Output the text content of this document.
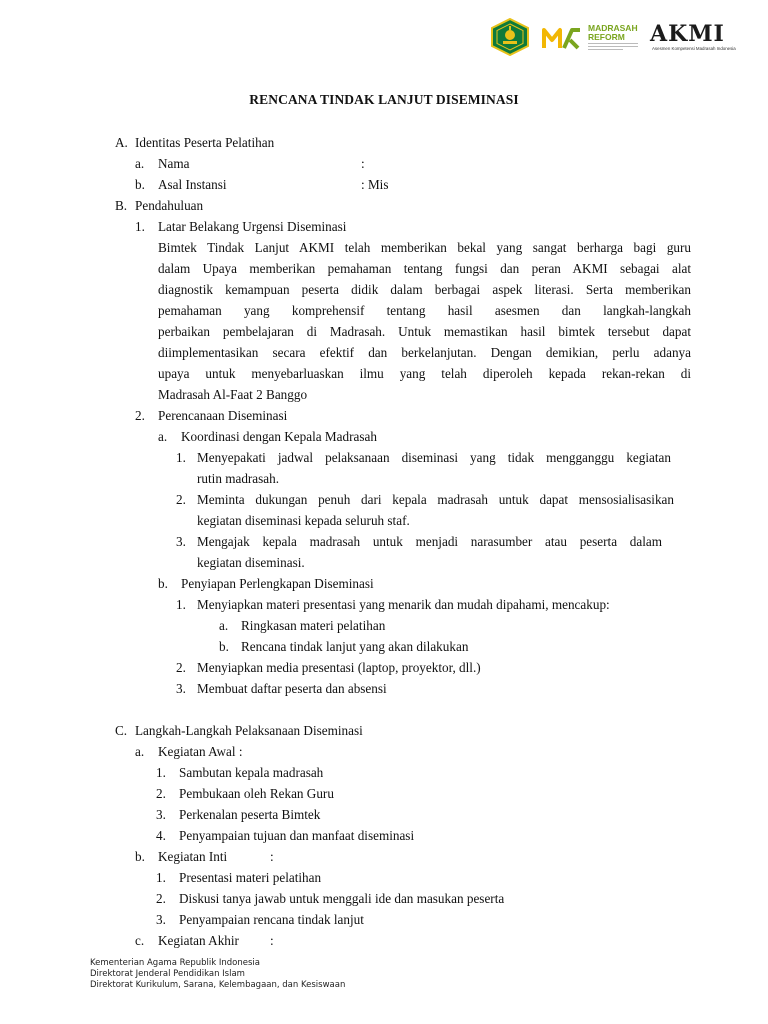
MADRASAH
REFORM	AKMI
Asesmen Kompetensi Madrasah Indonesia
RENCANA TINDAK LANJUT DISEMINASI
A. Identitas Peserta Pelatihan
a. Nama	:
b. Asal Instansi	: Mis
B. Pendahuluan
1. Latar Belakang Urgensi Diseminasi
Bimtek Tindak Lanjut AKMI telah memberikan bekal yang sangat berharga bagi guru
dalam Upaya memberikan pemahaman tentang fungsi dan peran AKMI sebagai alat
diagnostik kemampuan peserta didik dalam berbagai aspek literasi. Serta memberikan
pemahaman yang komprehensif tentang hasil asesmen dan langkah-langkah
perbaikan pembelajaran di Madrasah. Untuk memastikan hasil bimtek tersebut dapat
diimplementasikan secara efektif dan berkelanjutan. Dengan demikian, perlu adanya
upaya untuk menyebarluaskan ilmu yang telah diperoleh kepada rekan-rekan di
Madrasah Al-Faat 2 Banggo
2. Perencanaan Diseminasi
a. Koordinasi dengan Kepala Madrasah
1. Menyepakati jadwal pelaksanaan diseminasi yang tidak mengganggu kegiatan
rutin madrasah.
2. Meminta dukungan penuh dari kepala madrasah untuk dapat mensosialisasikan
kegiatan diseminasi kepada seluruh staf.
3. Mengajak kepala madrasah untuk menjadi narasumber atau peserta dalam
kegiatan diseminasi.
b. Penyiapan Perlengkapan Diseminasi
1. Menyiapkan materi presentasi yang menarik dan mudah dipahami, mencakup:
a. Ringkasan materi pelatihan
b. Rencana tindak lanjut yang akan dilakukan
2. Menyiapkan media presentasi (laptop, proyektor, dll.)
3. Membuat daftar peserta dan absensi
C. Langkah-Langkah Pelaksanaan Diseminasi
a. Kegiatan Awal :
1. Sambutan kepala madrasah
2. Pembukaan oleh Rekan Guru
3. Perkenalan peserta Bimtek
4. Penyampaian tujuan dan manfaat diseminasi
b. Kegiatan Inti	:
1. Presentasi materi pelatihan
2. Diskusi tanya jawab untuk menggali ide dan masukan peserta
3. Penyampaian rencana tindak lanjut
c. Kegiatan Akhir :
Kementerian Agama Republik Indonesia
Direktorat Jenderal Pendidikan Islam
Direktorat Kurikulum, Sarana, Kelembagaan, dan Kesiswaan
